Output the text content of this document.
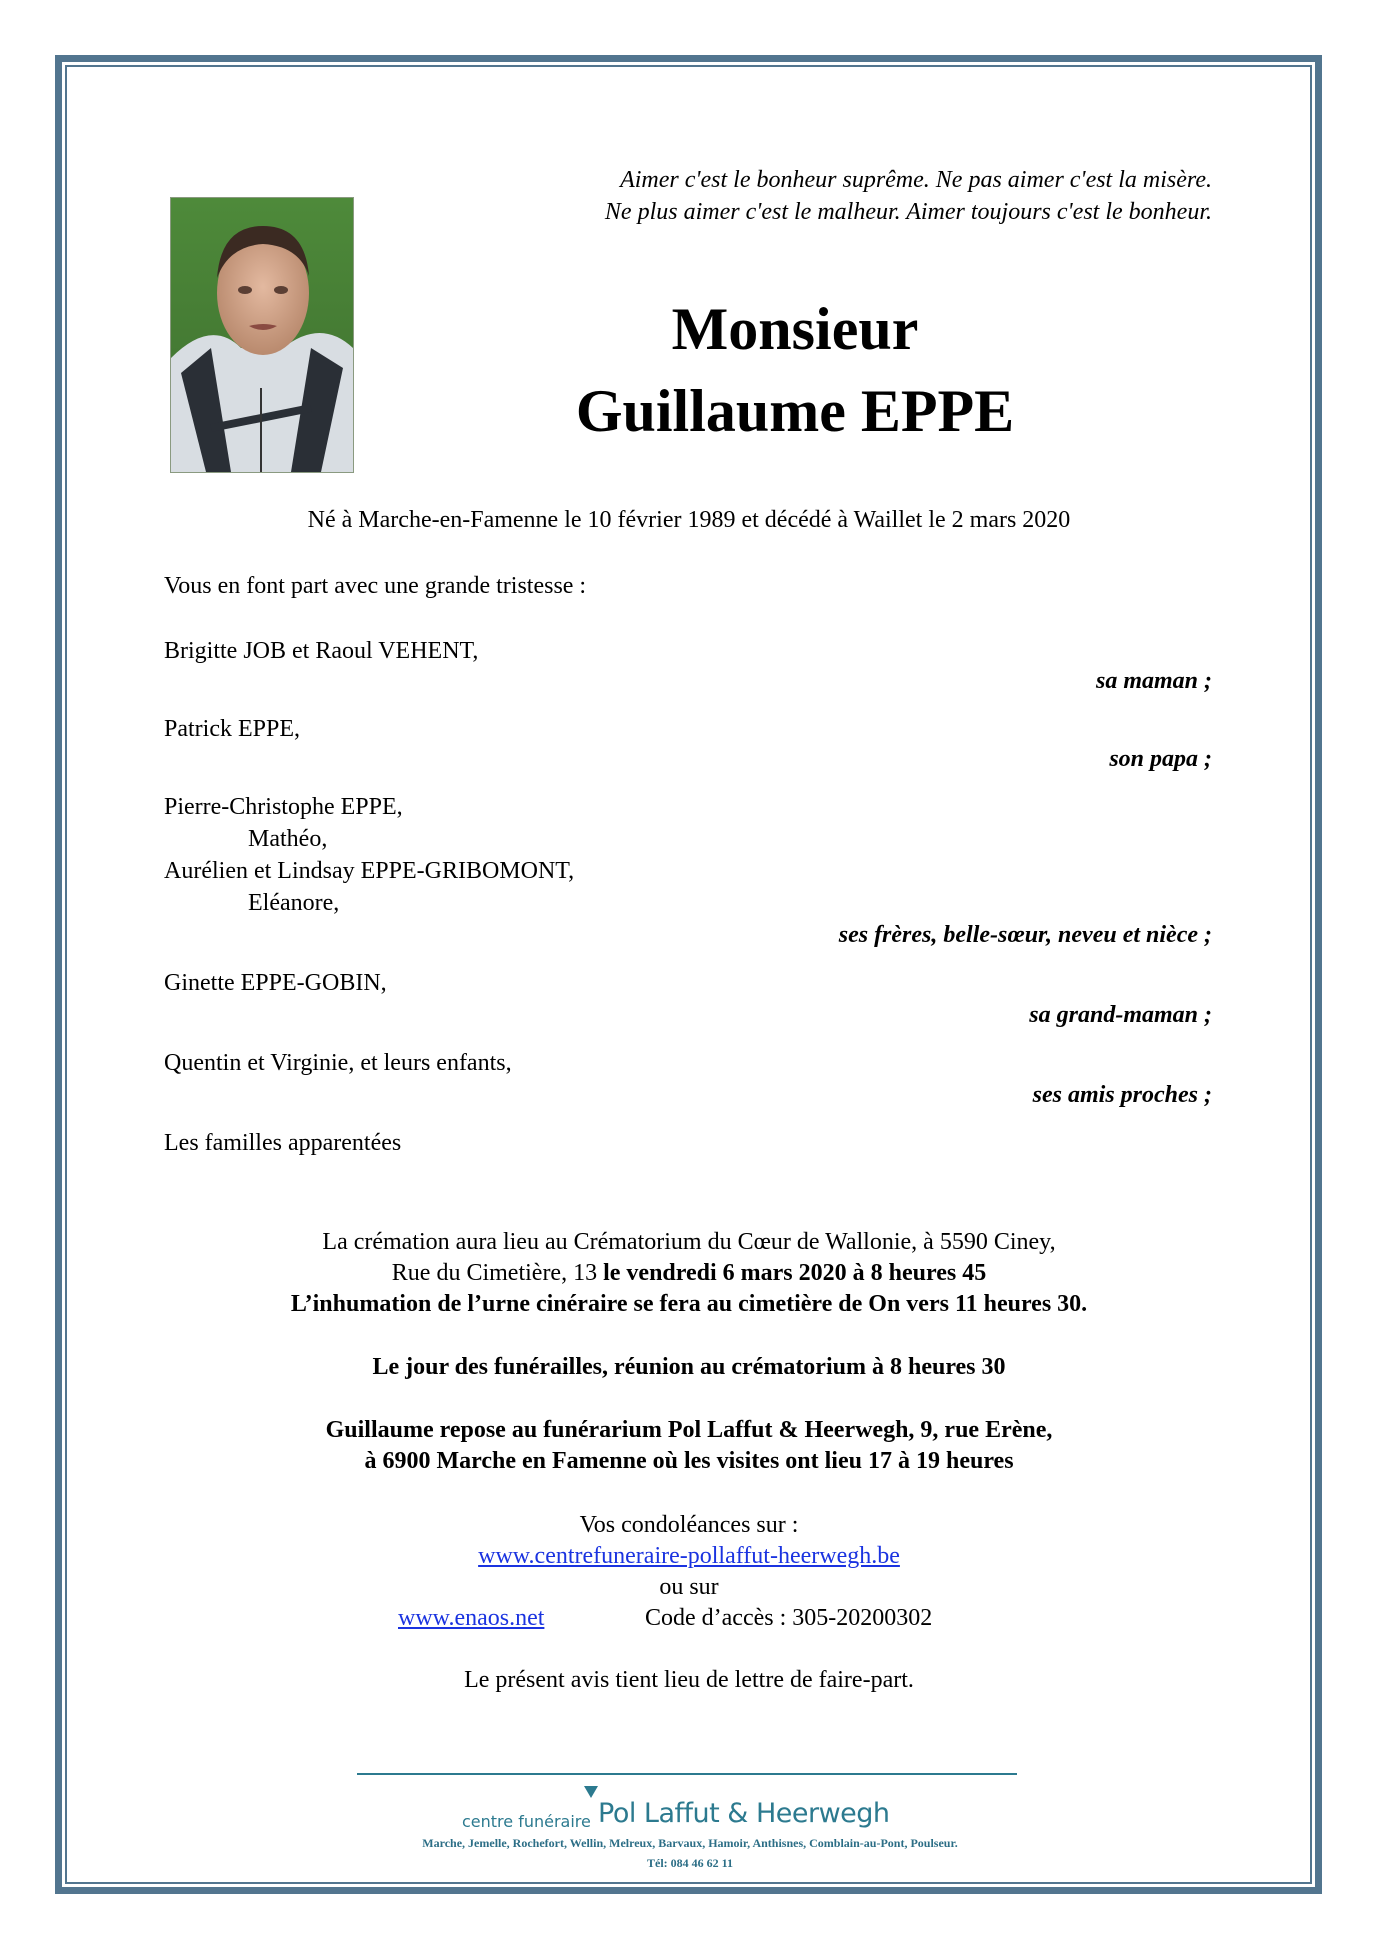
Aimer c'est le bonheur suprême. Ne pas aimer c'est la misère.
Ne plus aimer c'est le malheur. Aimer toujours c'est le bonheur.
Monsieur
Guillaume EPPE
Né à Marche-en-Famenne le 10 février 1989 et décédé à Waillet le 2 mars 2020
Vous en font part avec une grande tristesse :
Brigitte JOB et Raoul VEHENT,
sa maman ;
Patrick EPPE,
son papa ;
Pierre-Christophe EPPE,
Mathéo,
Aurélien et Lindsay EPPE-GRIBOMONT,
Eléanore,
ses frères, belle-sœur, neveu et nièce ;
Ginette EPPE-GOBIN,
sa grand-maman ;
Quentin et Virginie, et leurs enfants,
ses amis proches ;
Les familles apparentées
La crémation aura lieu au Crématorium du Cœur de Wallonie, à 5590 Ciney,
Rue du Cimetière, 13 le vendredi 6 mars 2020 à 8 heures 45
L’inhumation de l’urne cinéraire se fera au cimetière de On vers 11 heures 30.
Le jour des funérailles, réunion au crématorium à 8 heures 30
Guillaume repose au funérarium Pol Laffut & Heerwegh, 9, rue Erène,
à 6900 Marche en Famenne où les visites ont lieu 17 à 19 heures
Vos condoléances sur :
www.centrefuneraire-pollaffut-heerwegh.be
ou sur
www.enaos.net	Code d’accès : 305-20200302
Le présent avis tient lieu de lettre de faire-part.
centre funéraire Pol Laffut & Heerwegh
Marche, Jemelle, Rochefort, Wellin, Melreux, Barvaux, Hamoir, Anthisnes, Comblain-au-Pont, Poulseur.
Tél: 084 46 62 11
